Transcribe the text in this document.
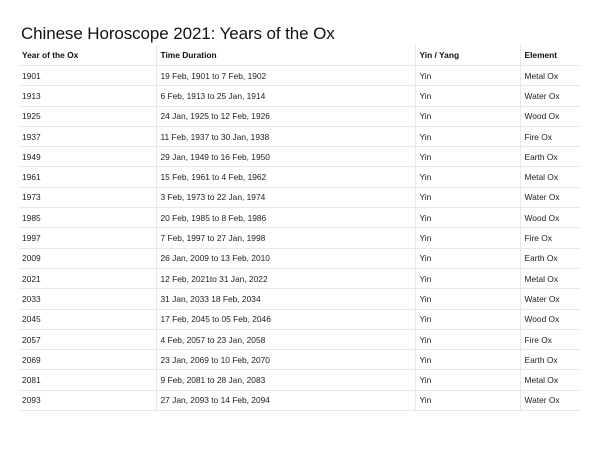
Chinese Horoscope 2021: Years of the Ox
Year of the Ox	Time Duration	Yin / Yang	Element
1901	19 Feb, 1901 to 7 Feb, 1902	Yin	Metal Ox
1913	6 Feb, 1913 to 25 Jan, 1914	Yin	Water Ox
1925	24 Jan, 1925 to 12 Feb, 1926	Yin	Wood Ox
1937	11 Feb, 1937 to 30 Jan, 1938	Yin	Fire Ox
1949	29 Jan, 1949 to 16 Feb, 1950	Yin	Earth Ox
1961	15 Feb, 1961 to 4 Feb, 1962	Yin	Metal Ox
1973	3 Feb, 1973 to 22 Jan, 1974	Yin	Water Ox
1985	20 Feb, 1985 to 8 Feb, 1986	Yin	Wood Ox
1997	7 Feb, 1997 to 27 Jan, 1998	Yin	Fire Ox
2009	26 Jan, 2009 to 13 Feb, 2010	Yin	Earth Ox
2021	12 Feb, 2021to 31 Jan, 2022	Yin	Metal Ox
2033	31 Jan, 2033 18 Feb, 2034	Yin	Water Ox
2045	17 Feb, 2045 to 05 Feb, 2046	Yin	Wood Ox
2057	4 Feb, 2057 to 23 Jan, 2058	Yin	Fire Ox
2069	23 Jan, 2069 to 10 Feb, 2070	Yin	Earth Ox
2081	9 Feb, 2081 to 28 Jan, 2083	Yin	Metal Ox
2093	27 Jan, 2093 to 14 Feb, 2094	Yin	Water Ox
